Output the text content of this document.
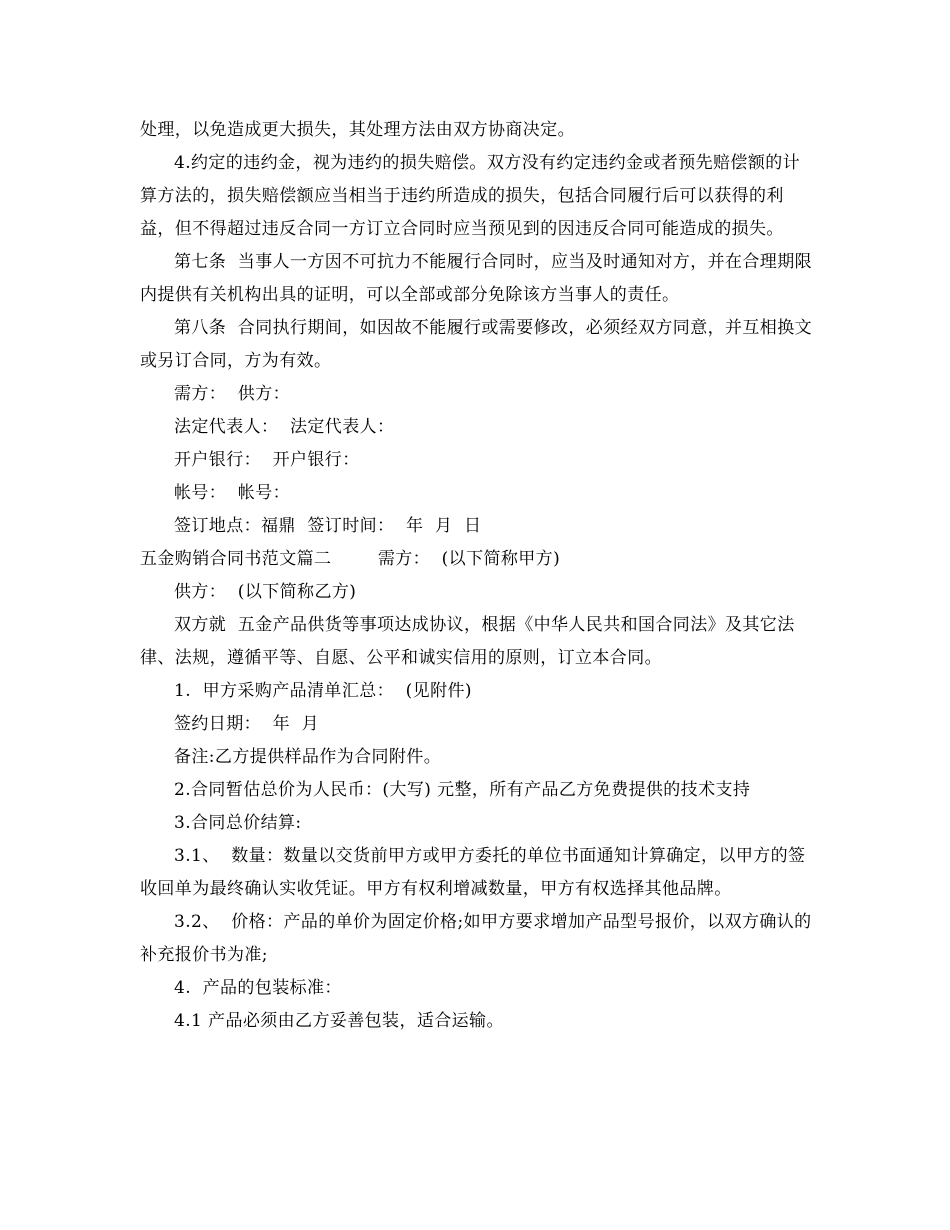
处理，以免造成更大损失，其处理方法由双方协商决定。

4.约定的违约金，视为违约的损失赔偿。双方没有约定违约金或者预先赔偿额的计算方法的，损失赔偿额应当相当于违约所造成的损失，包括合同履行后可以获得的利益，但不得超过违反合同一方订立合同时应当预见到的因违反合同可能造成的损失。

第七条  当事人一方因不可抗力不能履行合同时，应当及时通知对方，并在合理期限内提供有关机构出具的证明，可以全部或部分免除该方当事人的责任。

第八条  合同执行期间，如因故不能履行或需要修改，必须经双方同意，并互相换文或另订合同，方为有效。

需方：  供方：

法定代表人：  法定代表人：

开户银行：  开户银行：

帐号：  帐号：

签订地点：福鼎  签订时间：  年  月  日

五金购销合同书范文篇二        需方：  (以下简称甲方)

供方：  (以下简称乙方)

双方就  五金产品供货等事项达成协议，根据《中华人民共和国合同法》及其它法律、法规，遵循平等、自愿、公平和诚实信用的原则，订立本合同。

1.  甲方采购产品清单汇总：  (见附件)

签约日期：  年  月

备注:乙方提供样品作为合同附件。

2.合同暂估总价为人民币：(大写) 元整，所有产品乙方免费提供的技术支持

3.合同总价结算:

3.1、  数量：数量以交货前甲方或甲方委托的单位书面通知计算确定，以甲方的签收回单为最终确认实收凭证。甲方有权利增减数量，甲方有权选择其他品牌。

3.2、  价格：产品的单价为固定价格;如甲方要求增加产品型号报价，以双方确认的补充报价书为准;

4.  产品的包装标准：

4.1 产品必须由乙方妥善包装，适合运输。
